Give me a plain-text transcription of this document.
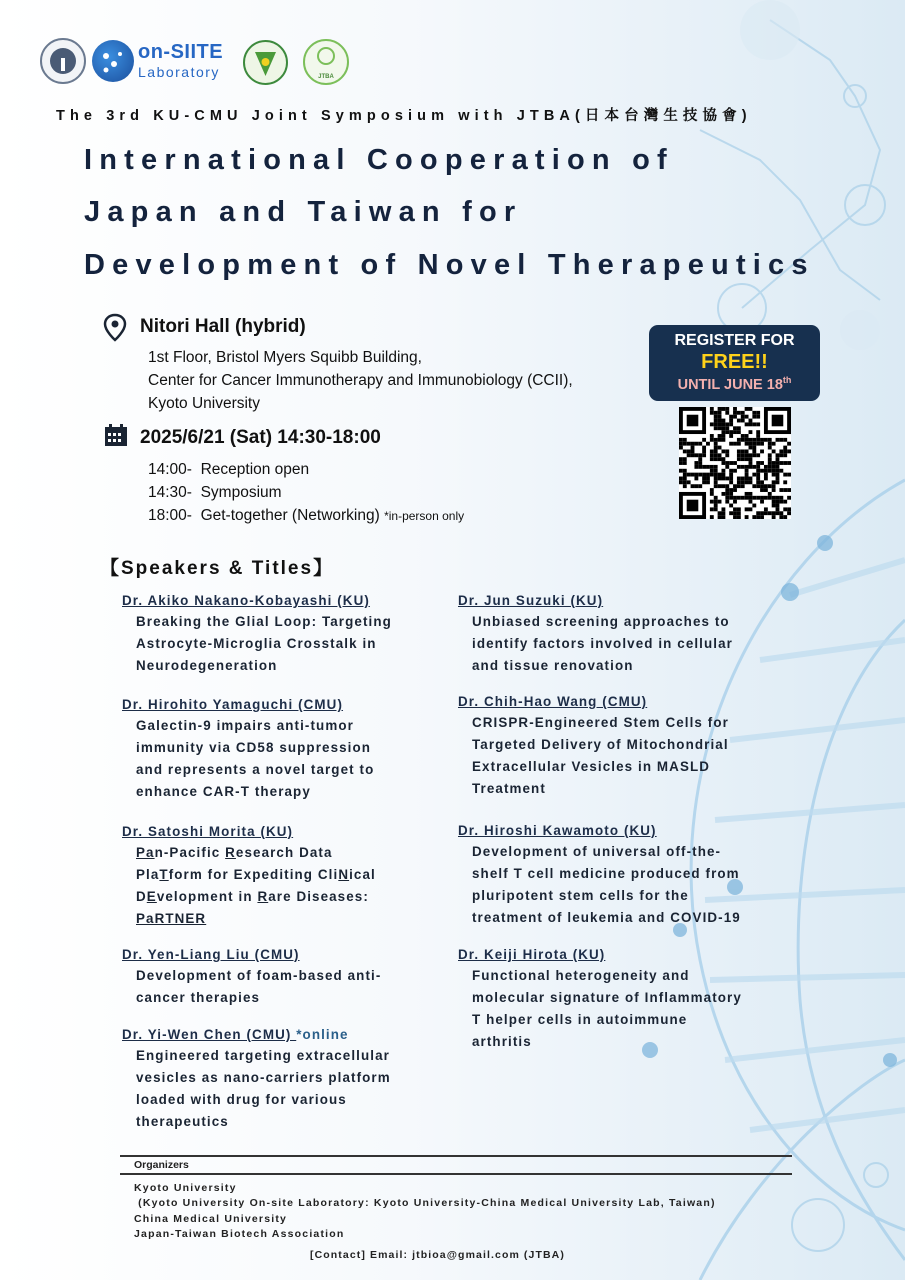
on-SIITE
Laboratory	JTBA
The 3rd KU-CMU Joint Symposium with JTBA(日本台灣生技協會)
International Cooperation of
Japan and Taiwan for
Development of Novel Therapeutics
Nitori Hall (hybrid)
1st Floor, Bristol Myers Squibb Building,
Center for Cancer Immunotherapy and Immunobiology (CCII),
Kyoto University
2025/6/21 (Sat) 14:30-18:00
14:00- Reception open
14:30- Symposium
18:00- Get-together (Networking) *in-person only
REGISTER FOR
FREE!!
UNTIL JUNE 18th
【Speakers & Titles】
Dr. Akiko Nakano-Kobayashi (KU)
Breaking the Glial Loop: Targeting
Astrocyte-Microglia Crosstalk in
Neurodegeneration
Dr. Hirohito Yamaguchi (CMU)
Galectin-9 impairs anti-tumor
immunity via CD58 suppression
and represents a novel target to
enhance CAR-T therapy
Dr. Satoshi Morita (KU)
Pan-Pacific Research Data
PlaTform for Expediting CliNical
DEvelopment in Rare Diseases:
PaRTNER
Dr. Yen-Liang Liu (CMU)
Development of foam-based anti-
cancer therapies
Dr. Yi-Wen Chen (CMU) *online
Engineered targeting extracellular
vesicles as nano-carriers platform
loaded with drug for various
therapeutics
Dr. Jun Suzuki (KU)
Unbiased screening approaches to
identify factors involved in cellular
and tissue renovation
Dr. Chih-Hao Wang (CMU)
CRISPR-Engineered Stem Cells for
Targeted Delivery of Mitochondrial
Extracellular Vesicles in MASLD
Treatment
Dr. Hiroshi Kawamoto (KU)
Development of universal off-the-
shelf T cell medicine produced from
pluripotent stem cells for the
treatment of leukemia and COVID-19
Dr. Keiji Hirota (KU)
Functional heterogeneity and
molecular signature of Inflammatory
T helper cells in autoimmune
arthritis
Organizers
Kyoto University
(Kyoto University On-site Laboratory: Kyoto University-China Medical University Lab, Taiwan)
China Medical University
Japan-Taiwan Biotech Association
[Contact] Email: jtbioa@gmail.com (JTBA)
